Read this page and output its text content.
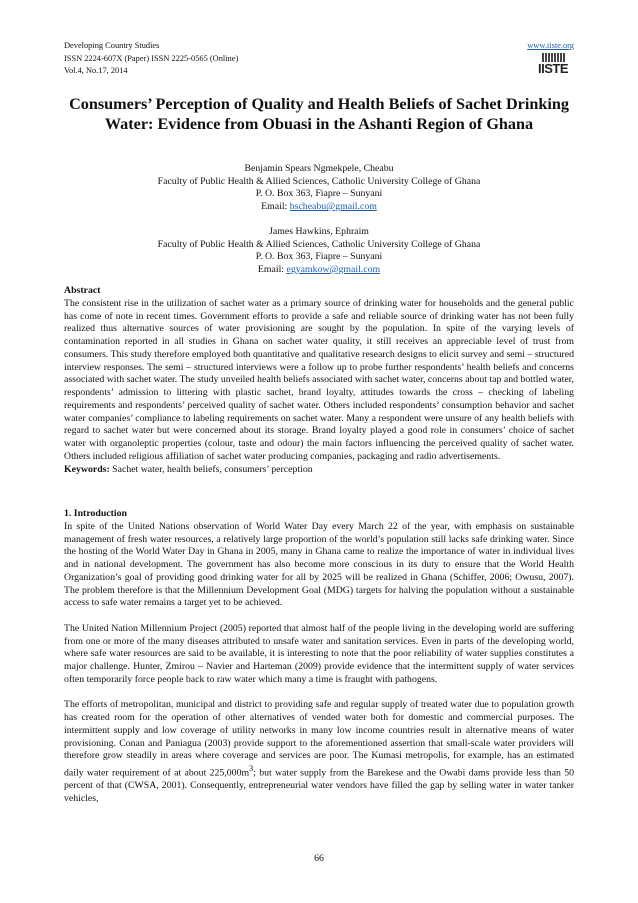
Developing Country Studies	www.iiste.org
ISSN 2224-607X (Paper) ISSN 2225-0565 (Online)
Vol.4, No.17, 2014	IISTE
Consumers’ Perception of Quality and Health Beliefs of Sachet Drinking Water: Evidence from Obuasi in the Ashanti Region of Ghana
Benjamin Spears Ngmekpele, Cheabu
Faculty of Public Health & Allied Sciences, Catholic University College of Ghana
P. O. Box 363, Fiapre – Sunyani
Email: bscheabu@gmail.com
James Hawkins, Ephraim
Faculty of Public Health & Allied Sciences, Catholic University College of Ghana
P. O. Box 363, Fiapre – Sunyani
Email: egyamkow@gmail.com
Abstract
The consistent rise in the utilization of sachet water as a primary source of drinking water for households and the general public has come of note in recent times. Government efforts to provide a safe and reliable source of drinking water has not been fully realized thus alternative sources of water provisioning are sought by the population. In spite of the varying levels of contamination reported in all studies in Ghana on sachet water quality, it still receives an appreciable level of trust from consumers. This study therefore employed both quantitative and qualitative research designs to elicit survey and semi – structured interview responses. The semi – structured interviews were a follow up to probe further respondents’ health beliefs and concerns associated with sachet water. The study unveiled health beliefs associated with sachet water, concerns about tap and bottled water, respondents’ admission to littering with plastic sachet, brand loyalty, attitudes towards the cross – checking of labeling requirements and respondents’ perceived quality of sachet water. Others included respondents’ consumption behavior and sachet water companies’ compliance to labeling requirements on sachet water. Many a respondent were unsure of any health beliefs with regard to sachet water but were concerned about its storage. Brand loyalty played a good role in consumers’ choice of sachet water with organoleptic properties (colour, taste and odour) the main factors influencing the perceived quality of sachet water. Others included religious affiliation of sachet water producing companies, packaging and radio advertisements.
Keywords: Sachet water, health beliefs, consumers’ perception
1. Introduction

In spite of the United Nations observation of World Water Day every March 22 of the year, with emphasis on sustainable management of fresh water resources, a relatively large proportion of the world’s population still lacks safe drinking water. Since the hosting of the World Water Day in Ghana in 2005, many in Ghana came to realize the importance of water in individual lives and in national development. The government has also become more conscious in its duty to ensure that the World Health Organization’s goal of providing good drinking water for all by 2025 will be realized in Ghana (Schiffer, 2006; Owusu, 2007). The problem therefore is that the Millennium Development Goal (MDG) targets for halving the population without a sustainable access to safe water remains a target yet to be achieved.

The United Nation Millennium Project (2005) reported that almost half of the people living in the developing world are suffering from one or more of the many diseases attributed to unsafe water and sanitation services. Even in parts of the developing world, where safe water resources are said to be available, it is interesting to note that the poor reliability of water supplies constitutes a major challenge. Hunter, Zmirou – Navier and Harteman (2009) provide evidence that the intermittent supply of water services often temporarily force people back to raw water which many a time is fraught with pathogens.

The efforts of metropolitan, municipal and district to providing safe and regular supply of treated water due to population growth has created room for the operation of other alternatives of vended water both for domestic and commercial purposes. The intermittent supply and low coverage of utility networks in many low income countries result in alternative means of water provisioning. Conan and Paniagua (2003) provide support to the aforementioned assertion that small-scale water providers will therefore grow steadily in areas where coverage and services are poor. The Kumasi metropolis, for example, has an estimated daily water requirement of at about $225,000m^3$; but water supply from the Barekese and the Owabi dams provide less than 50 percent of that (CWSA, 2001). Consequently, entrepreneurial water vendors have filled the gap by selling water in water tanker vehicles,

66
